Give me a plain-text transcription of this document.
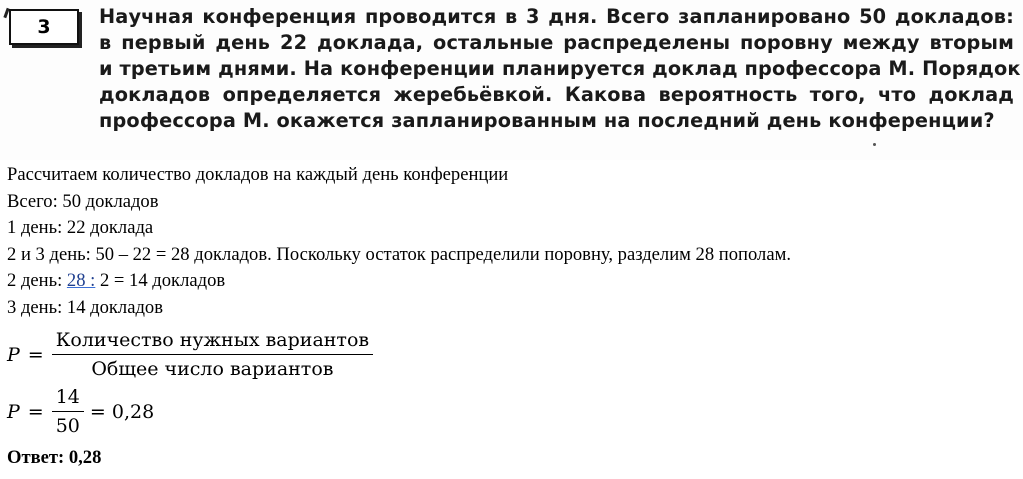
3	Научная конференция проводится в 3 дня. Всего запланировано 50 докладов:
в первый день 22 доклада, остальные распределены поровну между вторым
и третьим днями. На конференции планируется доклад профессора М. Порядок
докладов определяется жеребьёвкой. Какова вероятность того, что доклад
профессора М. окажется запланированным на последний день конференции?
Рассчитаем количество докладов на каждый день конференции
Всего: 50 докладов
1 день: 22 доклада
2 и 3 день: 50 – 22 = 28 докладов. Поскольку остаток распределили поровну, разделим 28 пополам.
2 день: 28 : 2 = 14 докладов
3 день: 14 докладов
$P = \frac{\text{Количество нужных вариантов}}{\text{Общее число вариантов}}$
$P = \frac{14}{50} = 0,28$
Ответ: 0,28
